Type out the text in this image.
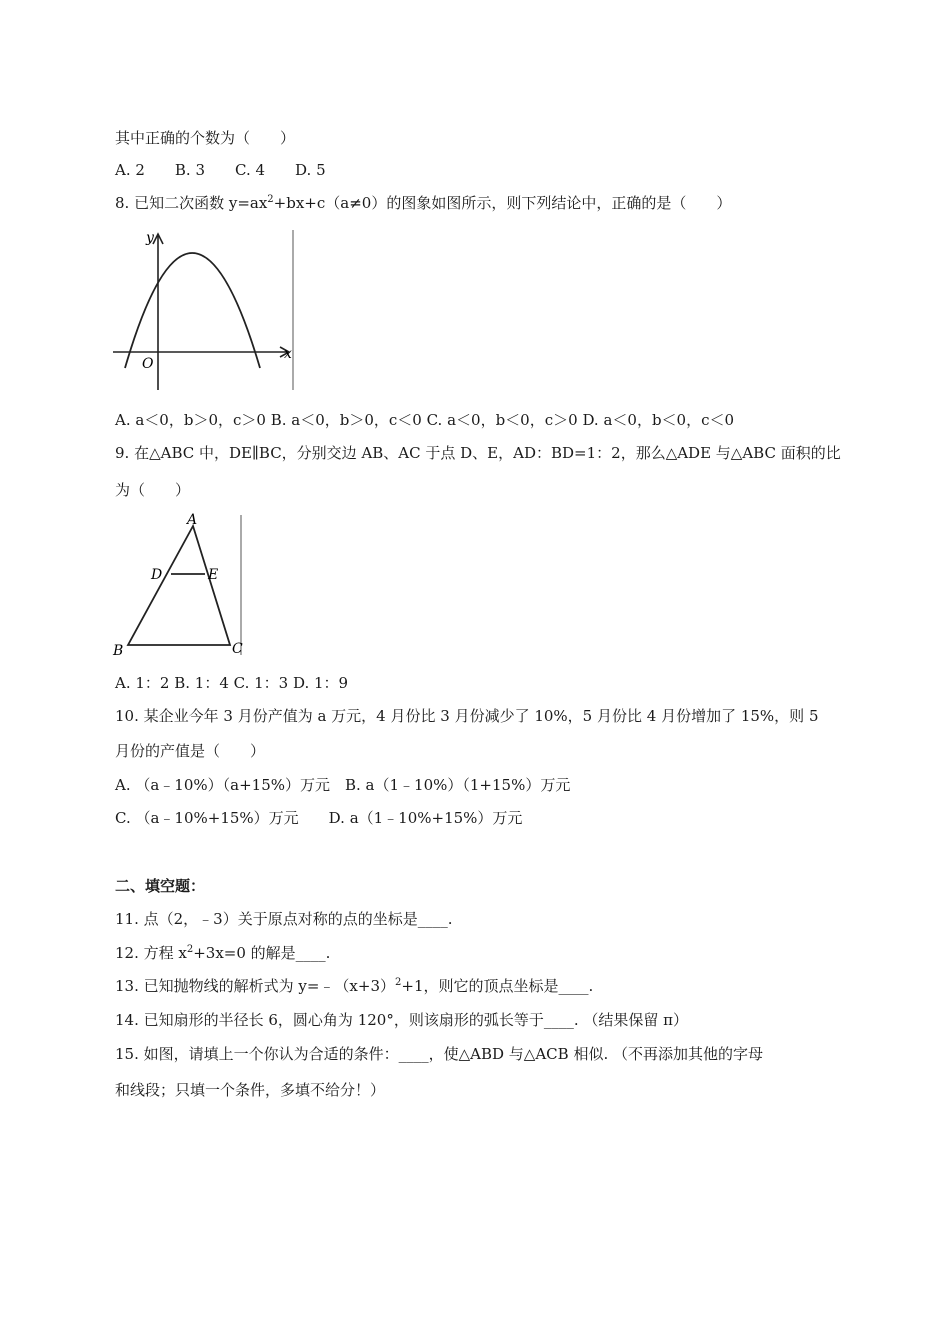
其中正确的个数为（　　）
A. 2　　B. 3　　C. 4　　D. 5
8. 已知二次函数 $y=ax^2+bx+c(a\ne 0)$的图象如图所示，则下列结论中，正确的是（　　）
y
x
O
A. a＜0，b＞0，c＞0 B. a＜0，b＞0，c＜0 C. a＜0，b＜0，c＞0 D. a＜0，b＜0，c＜0
9. 在△ABC 中，DE∥BC，分别交边 AB、AC 于点 D、E，AD：BD=1：2，那么△ADE 与△ABC 面积的比
为（　　）
A
D	E
B	C
A. 1：2 B. 1：4 C. 1：3 D. 1：9
10. 某企业今年 3 月份产值为 a 万元，4 月份比 3 月份减少了 10%，5 月份比 4 月份增加了 15%，则 5
月份的产值是（　　）
A. （a﹣10%）（a+15%）万元　B. a（1﹣10%）（1+15%）万元
C. （a﹣10%+15%）万元　　D. a（1﹣10%+15%）万元
二、填空题：
11. 点（2，﹣3）关于原点对称的点的坐标是____.
12. 方程 $x^2+3x=0$ 的解是____.
13. 已知抛物线的解析式为 $y=﹣(x+3)^2+1$，则它的顶点坐标是____.
14. 已知扇形的半径长 6，圆心角为 120°，则该扇形的弧长等于____. （结果保留 π）
15. 如图，请填上一个你认为合适的条件：____，使△ABD 与△ACB 相似. （不再添加其他的字母
和线段；只填一个条件，多填不给分！）
